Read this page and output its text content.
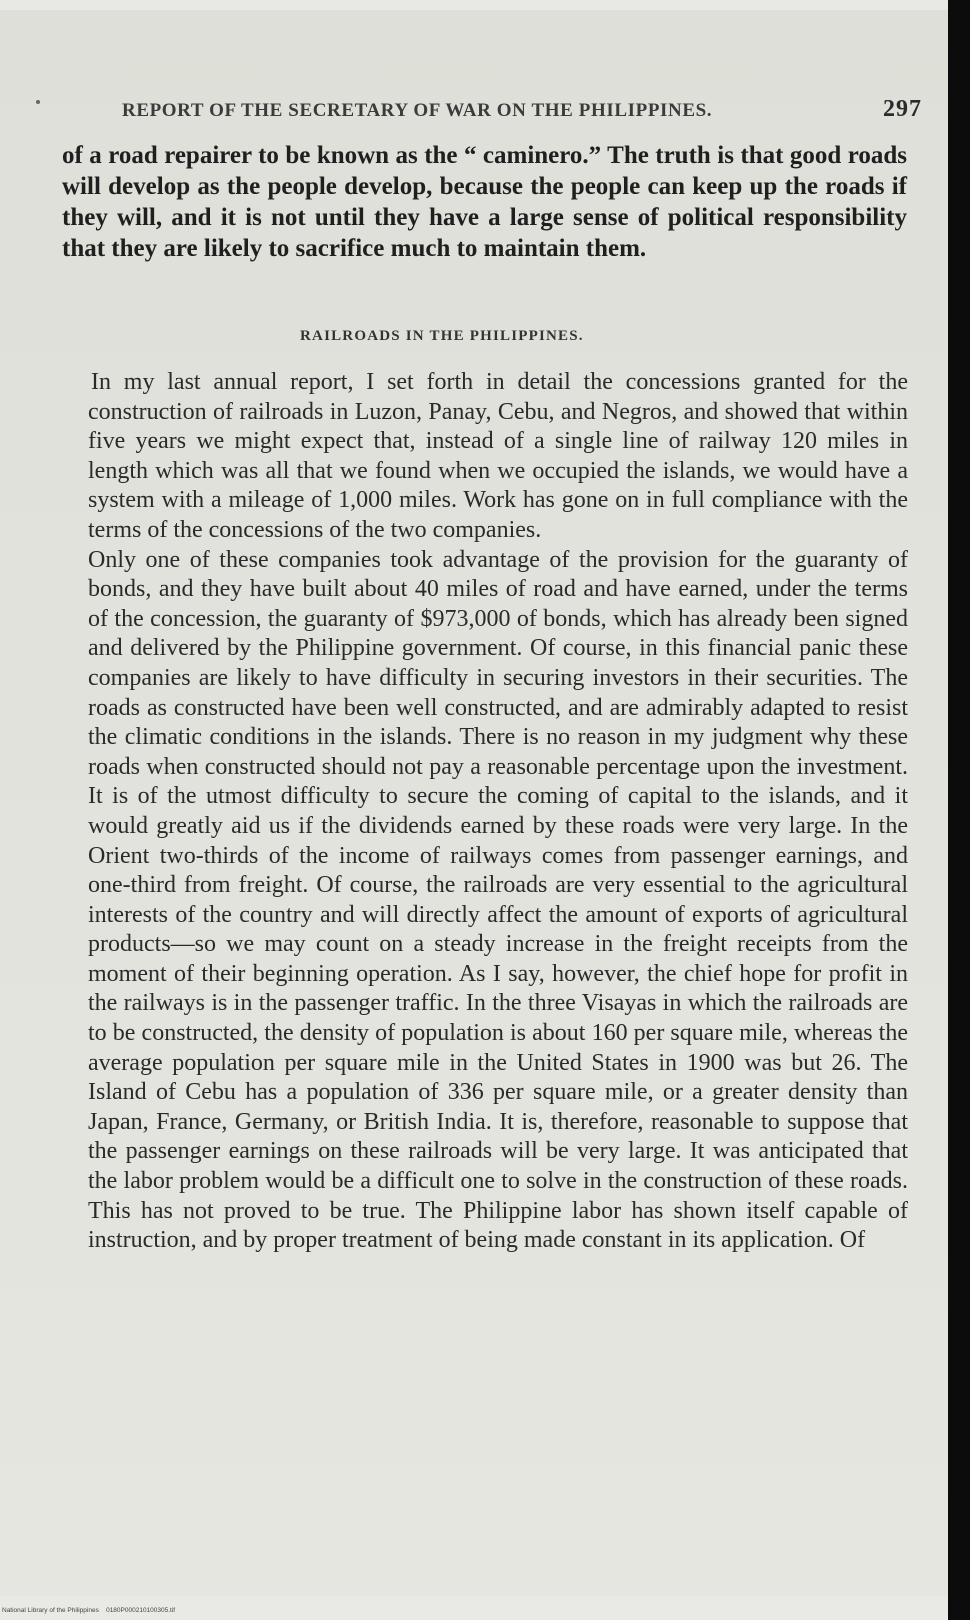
REPORT OF THE SECRETARY OF WAR ON THE PHILIPPINES.	297
of a road repairer to be known as the “ caminero.” The truth is that good roads will develop as the people develop, because the people can keep up the roads if they will, and it is not until they have a large sense of political responsibility that they are likely to sacrifice much to maintain them.
RAILROADS IN THE PHILIPPINES.

In my last annual report, I set forth in detail the concessions granted for the construction of railroads in Luzon, Panay, Cebu, and Negros, and showed that within five years we might expect that, instead of a single line of railway 120 miles in length which was all that we found when we occupied the islands, we would have a system with a mileage of 1,000 miles. Work has gone on in full compliance with the terms of the concessions of the two companies.

Only one of these companies took advantage of the provision for the guaranty of bonds, and they have built about 40 miles of road and have earned, under the terms of the concession, the guaranty of $973,000 of bonds, which has already been signed and delivered by the Philippine government. Of course, in this financial panic these companies are likely to have difficulty in securing investors in their securities. The roads as constructed have been well constructed, and are admirably adapted to resist the climatic conditions in the islands. There is no reason in my judgment why these roads when constructed should not pay a reasonable percentage upon the investment. It is of the utmost difficulty to secure the coming of capital to the islands, and it would greatly aid us if the dividends earned by these roads were very large. In the Orient two-thirds of the income of railways comes from passenger earnings, and one-third from freight. Of course, the railroads are very essential to the agricultural interests of the country and will directly affect the amount of exports of agricultural products—so we may count on a steady increase in the freight receipts from the moment of their beginning operation. As I say, however, the chief hope for profit in the railways is in the passenger traffic. In the three Visayas in which the railroads are to be constructed, the density of population is about 160 per square mile, whereas the average population per square mile in the United States in 1900 was but 26. The Island of Cebu has a population of 336 per square mile, or a greater density than Japan, France, Germany, or British India. It is, therefore, reasonable to suppose that the passenger earnings on these railroads will be very large. It was anticipated that the labor problem would be a difficult one to solve in the construction of these roads. This has not proved to be true. The Philippine labor has shown itself capable of instruction, and by proper treatment of being made constant in its application. Of

National Library of the Philippines 0180P000210100305.tif
